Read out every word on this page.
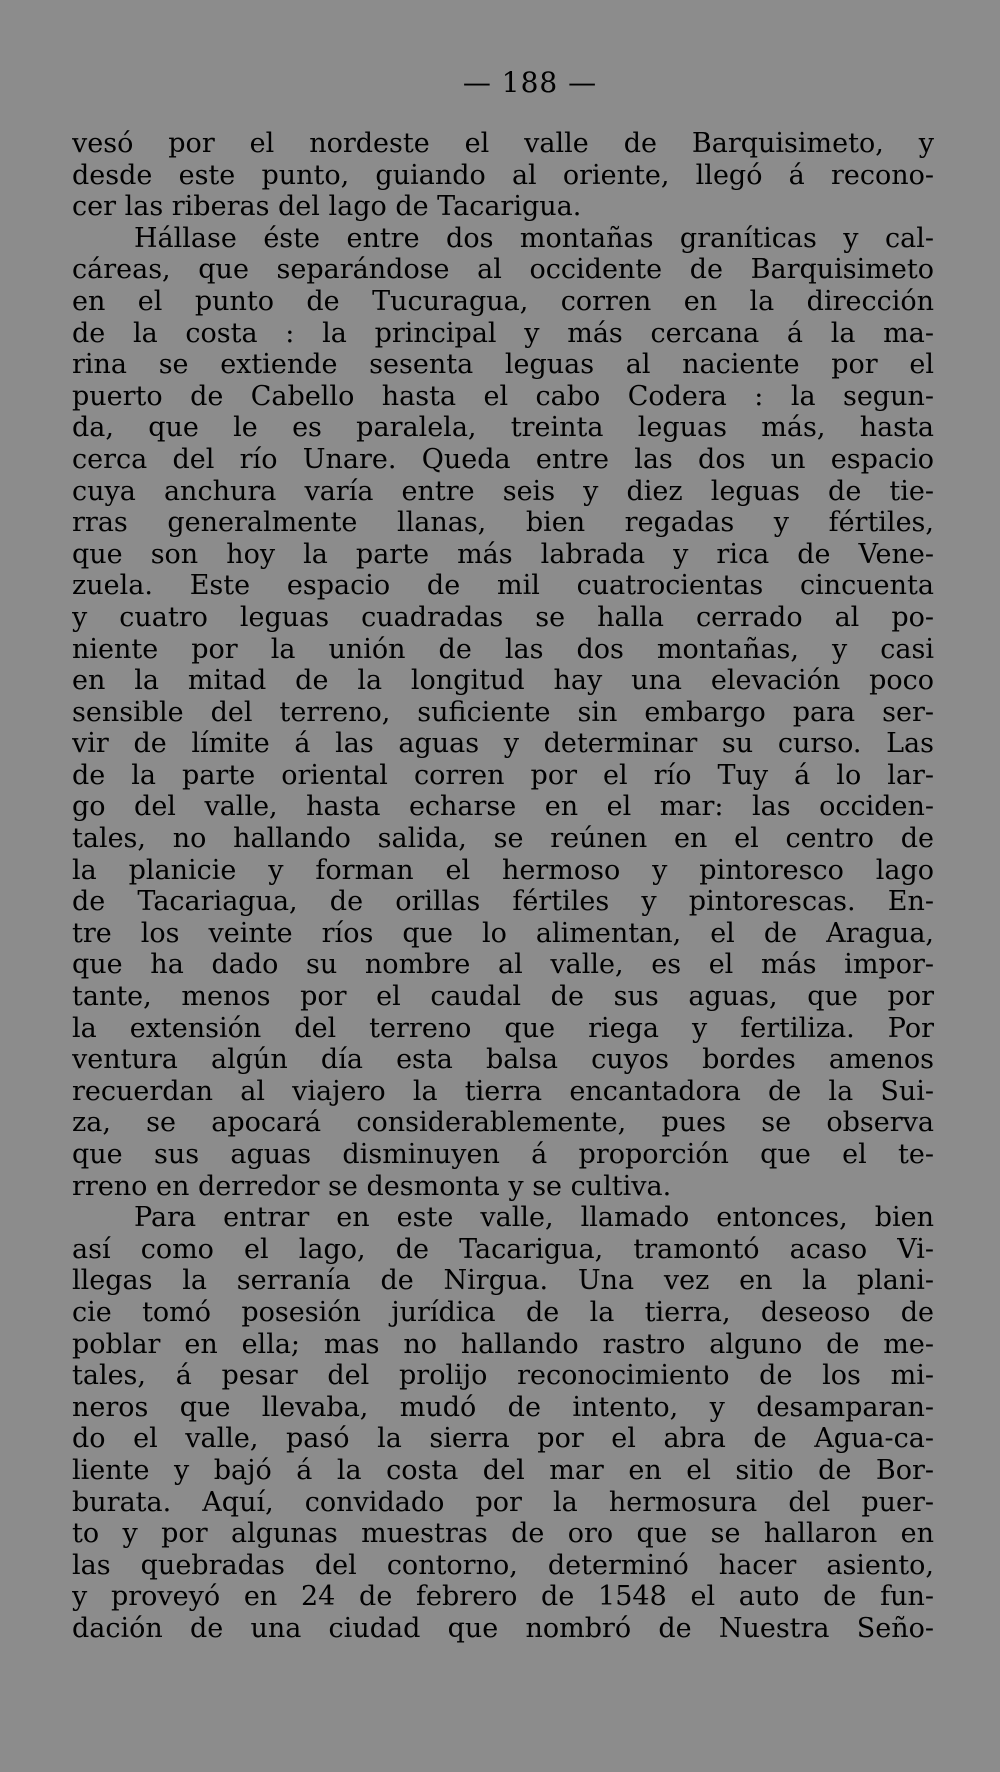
— 188 —
vesó por el nordeste el valle de Barquisimeto, y
desde este punto, guiando al oriente, llegó á recono-
cer las riberas del lago de Tacarigua.
Hállase éste entre dos montañas graníticas y cal-
cáreas, que separándose al occidente de Barquisimeto
en el punto de Tucuragua, corren en la dirección
de la costa : la principal y más cercana á la ma-
rina se extiende sesenta leguas al naciente por el
puerto de Cabello hasta el cabo Codera : la segun-
da, que le es paralela, treinta leguas más, hasta
cerca del río Unare. Queda entre las dos un espacio
cuya anchura varía entre seis y diez leguas de tie-
rras generalmente llanas, bien regadas y fértiles,
que son hoy la parte más labrada y rica de Vene-
zuela. Este espacio de mil cuatrocientas cincuenta
y cuatro leguas cuadradas se halla cerrado al po-
niente por la unión de las dos montañas, y casi
en la mitad de la longitud hay una elevación poco
sensible del terreno, suficiente sin embargo para ser-
vir de límite á las aguas y determinar su curso. Las
de la parte oriental corren por el río Tuy á lo lar-
go del valle, hasta echarse en el mar: las occiden-
tales, no hallando salida, se reúnen en el centro de
la planicie y forman el hermoso y pintoresco lago
de Tacariagua, de orillas fértiles y pintorescas. En-
tre los veinte ríos que lo alimentan, el de Aragua,
que ha dado su nombre al valle, es el más impor-
tante, menos por el caudal de sus aguas, que por
la extensión del terreno que riega y fertiliza. Por
ventura algún día esta balsa cuyos bordes amenos
recuerdan al viajero la tierra encantadora de la Sui-
za, se apocará considerablemente, pues se observa
que sus aguas disminuyen á proporción que el te-
rreno en derredor se desmonta y se cultiva.
Para entrar en este valle, llamado entonces, bien
así como el lago, de Tacarigua, tramontó acaso Vi-
llegas la serranía de Nirgua. Una vez en la plani-
cie tomó posesión jurídica de la tierra, deseoso de
poblar en ella; mas no hallando rastro alguno de me-
tales, á pesar del prolijo reconocimiento de los mi-
neros que llevaba, mudó de intento, y desamparan-
do el valle, pasó la sierra por el abra de Agua-ca-
liente y bajó á la costa del mar en el sitio de Bor-
burata. Aquí, convidado por la hermosura del puer-
to y por algunas muestras de oro que se hallaron en
las quebradas del contorno, determinó hacer asiento,
y proveyó en 24 de febrero de 1548 el auto de fun-
dación de una ciudad que nombró de Nuestra Seño-
